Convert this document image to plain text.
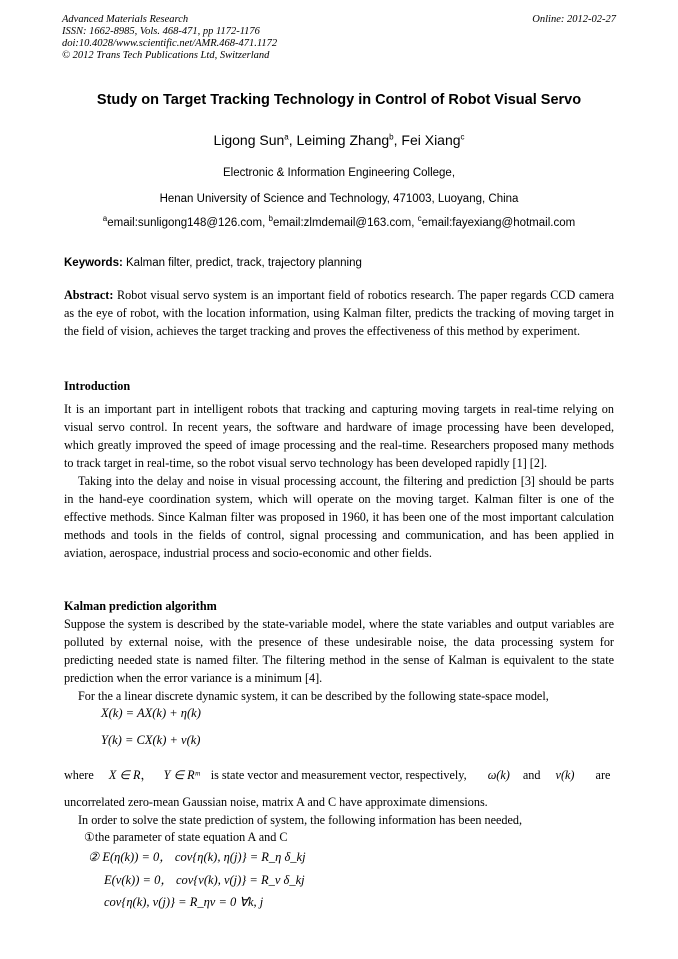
Advanced Materials Research
ISSN: 1662-8985, Vols. 468-471, pp 1172-1176
doi:10.4028/www.scientific.net/AMR.468-471.1172
© 2012 Trans Tech Publications Ltd, Switzerland
Online: 2012-02-27
Study on Target Tracking Technology in Control of Robot Visual Servo
Ligong Sun$^a$, Leiming Zhang$^b$, Fei Xiang$^c$
Electronic & Information Engineering College,
Henan University of Science and Technology, 471003, Luoyang, China
$^a$email:sunligong148@126.com, $^b$email:zlmdemail@163.com, $^c$email:fayexiang@hotmail.com
Keywords: Kalman filter, predict, track, trajectory planning

Abstract: Robot visual servo system is an important field of robotics research. The paper regards CCD camera as the eye of robot, with the location information, using Kalman filter, predicts the tracking of moving target in the field of vision, achieves the target tracking and proves the effectiveness of this method by experiment.

Introduction

It is an important part in intelligent robots that tracking and capturing moving targets in real-time relying on visual servo control. In recent years, the software and hardware of image processing have been developed, which greatly improved the speed of image processing and the real-time. Researchers proposed many methods to track target in real-time, so the robot visual servo technology has been developed rapidly [1] [2].

Taking into the delay and noise in visual processing account, the filtering and prediction [3] should be parts in the hand-eye coordination system, which will operate on the moving target. Kalman filter is one of the effective methods. Since Kalman filter was proposed in 1960, it has been one of the most important calculation methods and tools in the fields of control, signal processing and communication, and has been applied in aviation, aerospace, industrial process and socio-economic and other fields.

Kalman prediction algorithm

Suppose the system is described by the state-variable model, where the state variables and output variables are polluted by external noise, with the presence of these undesirable noise, the data processing system for predicting needed state is named filter. The filtering method in the sense of Kalman is equivalent to the state prediction when the error variance is a minimum [4].

For the a linear discrete dynamic system, it can be described by the following state-space model,

X(k) = AX(k) + η(k)
Y(k) = CX(k) + v(k)
where X ∈ R， Y ∈ Rᵐ is state vector and measurement vector, respectively, ω(k) and v(k) are

uncorrelated zero-mean Gaussian noise, matrix A and C have approximate dimensions.

In order to solve the state prediction of system, the following information has been needed,

①the parameter of state equation A and C
② E(η(k)) = 0， cov{η(k), η(j)} = R_η δ_kj
E(v(k)) = 0， cov{v(k), v(j)} = R_v δ_kj
cov{η(k), v(j)} = R_ηv = 0 ∀k, j
